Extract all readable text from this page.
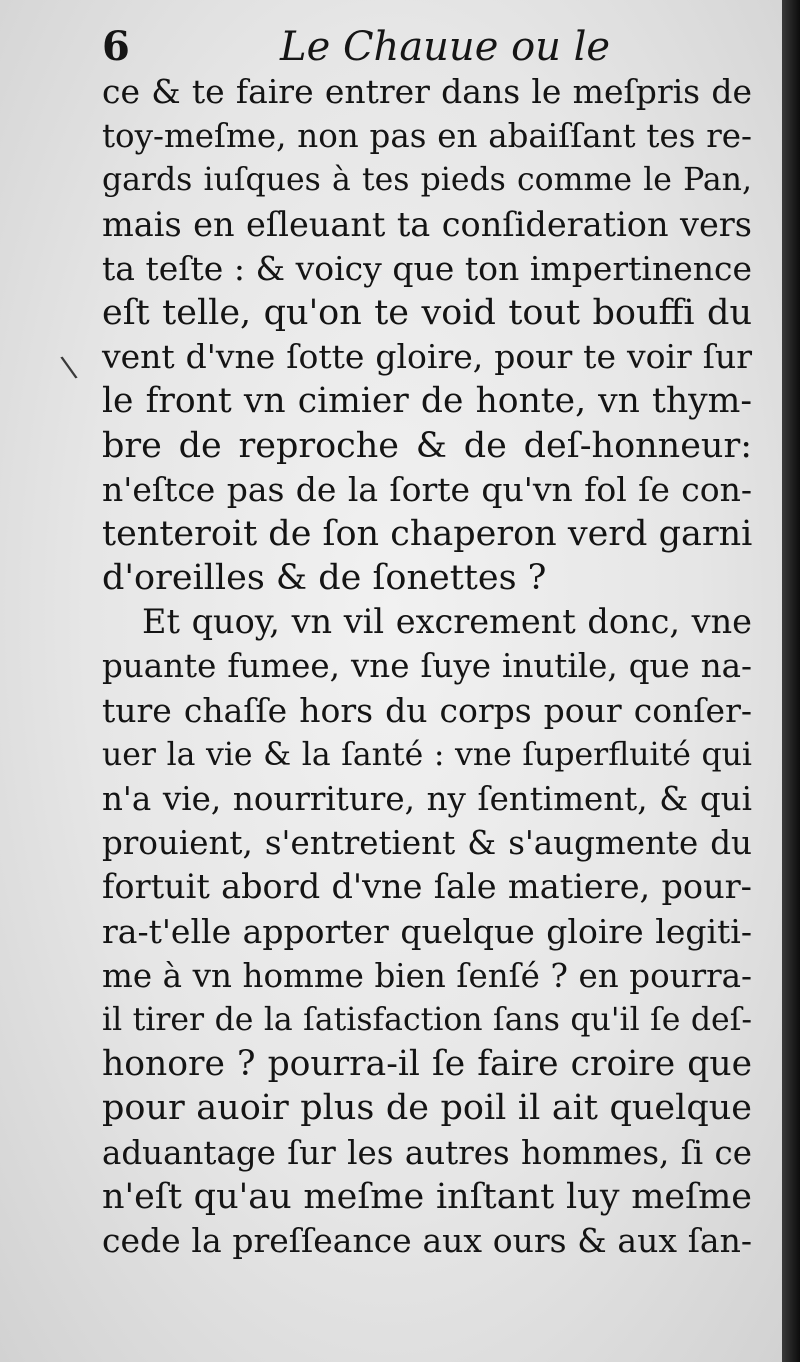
6	Le Chauue ou le
\
ce & te faire entrer dans le meſpris de
toy-meſme, non pas en abaiſſant tes re-
gards iuſques à tes pieds comme le Pan,
mais en eſleuant ta conſideration vers
ta teſte : & voicy que ton impertinence
eſt telle, qu'on te void tout bouffi du
vent d'vne ſotte gloire, pour te voir ſur
le front vn cimier de honte, vn thym-
bre de reproche & de deſ-honneur:
n'eſtce pas de la ſorte qu'vn fol ſe con-
tenteroit de ſon chaperon verd garni
d'oreilles & de ſonettes ?
Et quoy, vn vil excrement donc, vne
puante fumee, vne ſuye inutile, que na-
ture chaſſe hors du corps pour conſer-
uer la vie & la ſanté : vne ſuperfluité qui
n'a vie, nourriture, ny ſentiment, & qui
prouient, s'entretient & s'augmente du
fortuit abord d'vne ſale matiere, pour-
ra-t'elle apporter quelque gloire legiti-
me à vn homme bien ſenſé ? en pourra-
il tirer de la ſatisfaction ſans qu'il ſe deſ-
honore ? pourra-il ſe faire croire que
pour auoir plus de poil il ait quelque
aduantage ſur les autres hommes, ſi ce
n'eſt qu'au meſme inſtant luy meſme
cede la preſſeance aux ours & aux ſan-
